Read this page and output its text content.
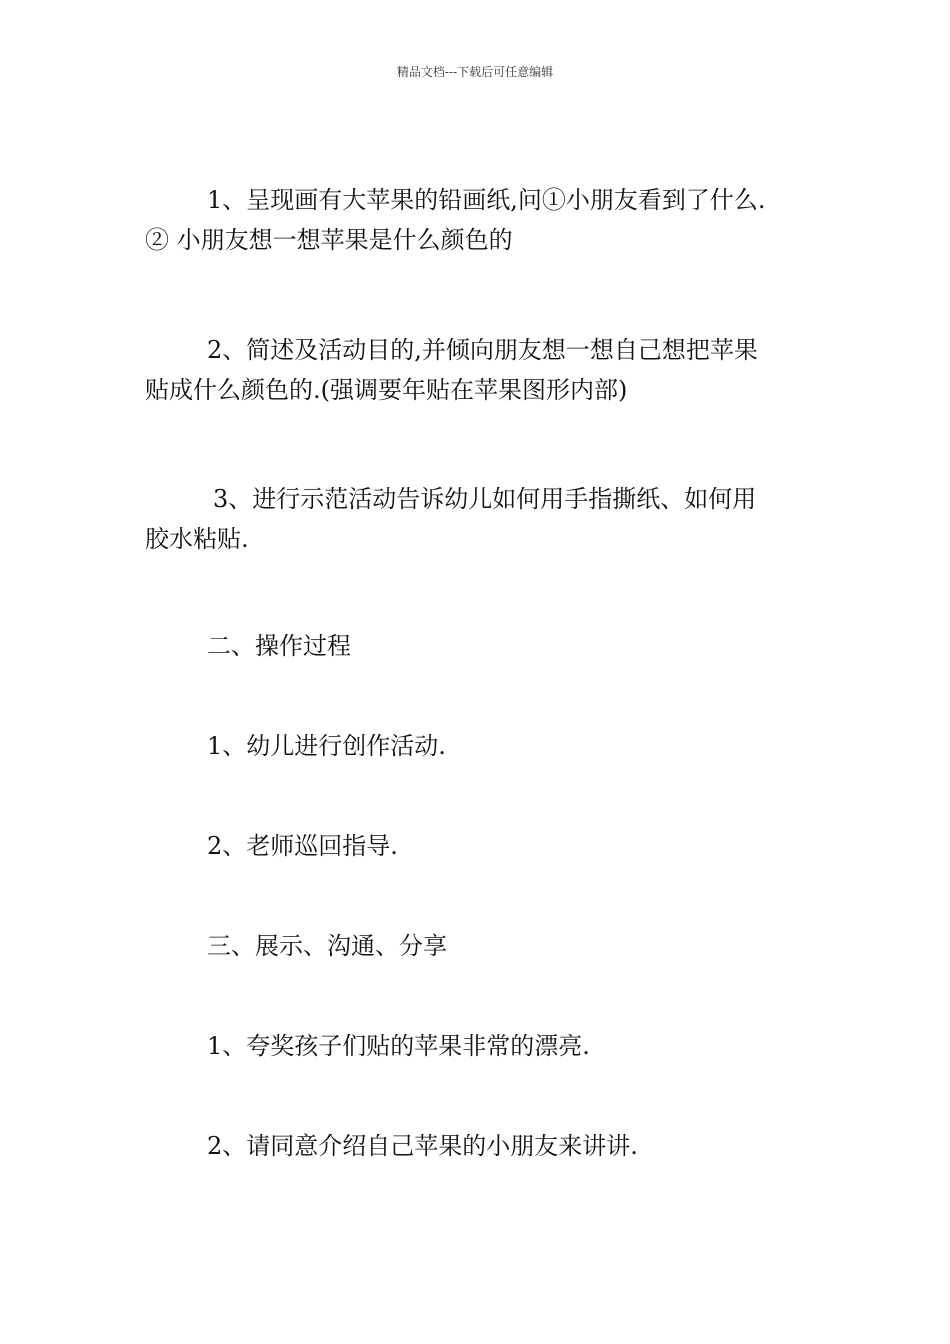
精品文档---下载后可任意编辑
1、呈现画有大苹果的铅画纸,问①小朋友看到了什么.
② 小朋友想一想苹果是什么颜色的
2、简述及活动目的,并倾向朋友想一想自己想把苹果
贴成什么颜色的.(强调要年贴在苹果图形内部)
3、进行示范活动告诉幼儿如何用手指撕纸、如何用
胶水粘贴.
二、操作过程
1、幼儿进行创作活动.
2、老师巡回指导.
三、展示、沟通、分享
1、夸奖孩子们贴的苹果非常的漂亮.
2、请同意介绍自己苹果的小朋友来讲讲.
